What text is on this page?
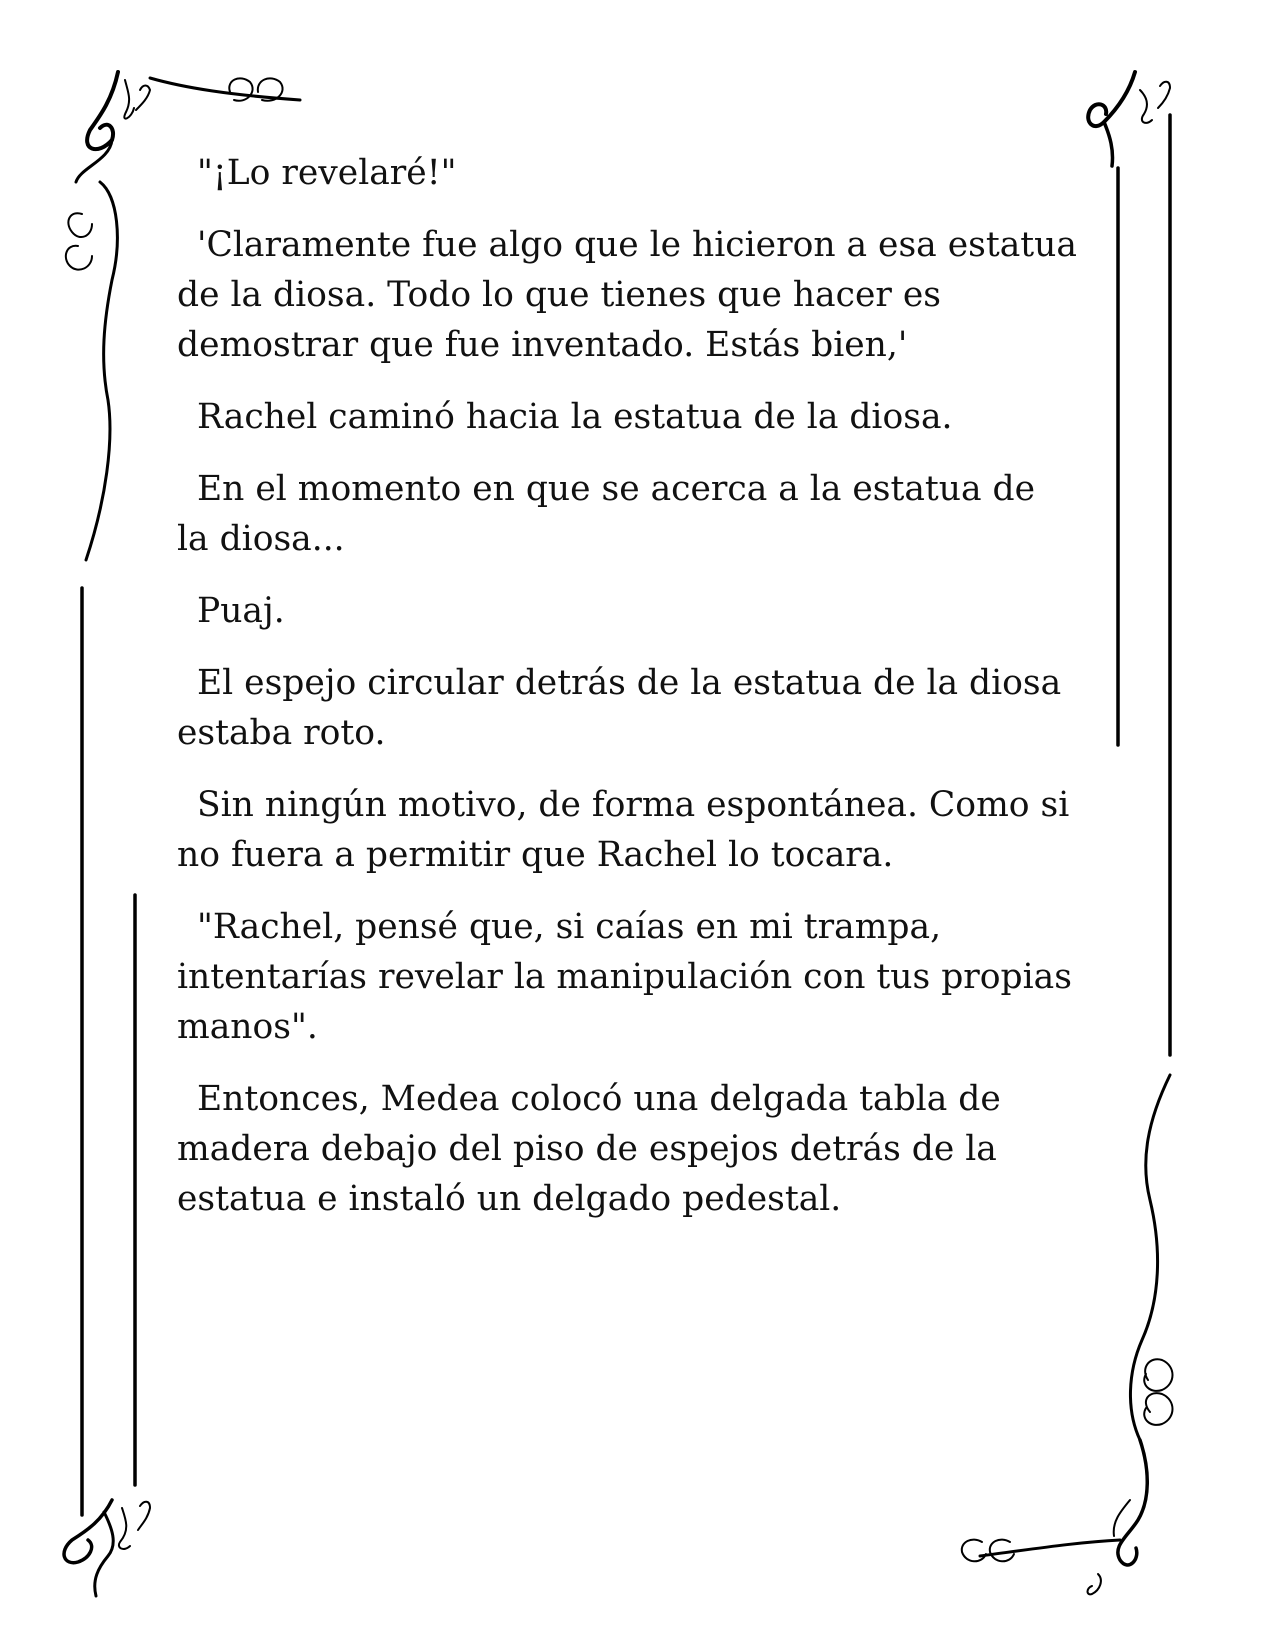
"¡Lo revelaré!"

'Claramente fue algo que le hicieron a esa estatua de la diosa. Todo lo que tienes que hacer es demostrar que fue inventado. Estás bien,'

Rachel caminó hacia la estatua de la diosa.

En el momento en que se acerca a la estatua de la diosa...

Puaj.

El espejo circular detrás de la estatua de la diosa estaba roto.

Sin ningún motivo, de forma espontánea. Como si no fuera a permitir que Rachel lo tocara.

"Rachel, pensé que, si caías en mi trampa, intentarías revelar la manipulación con tus propias manos".

Entonces, Medea colocó una delgada tabla de madera debajo del piso de espejos detrás de la estatua e instaló un delgado pedestal.
